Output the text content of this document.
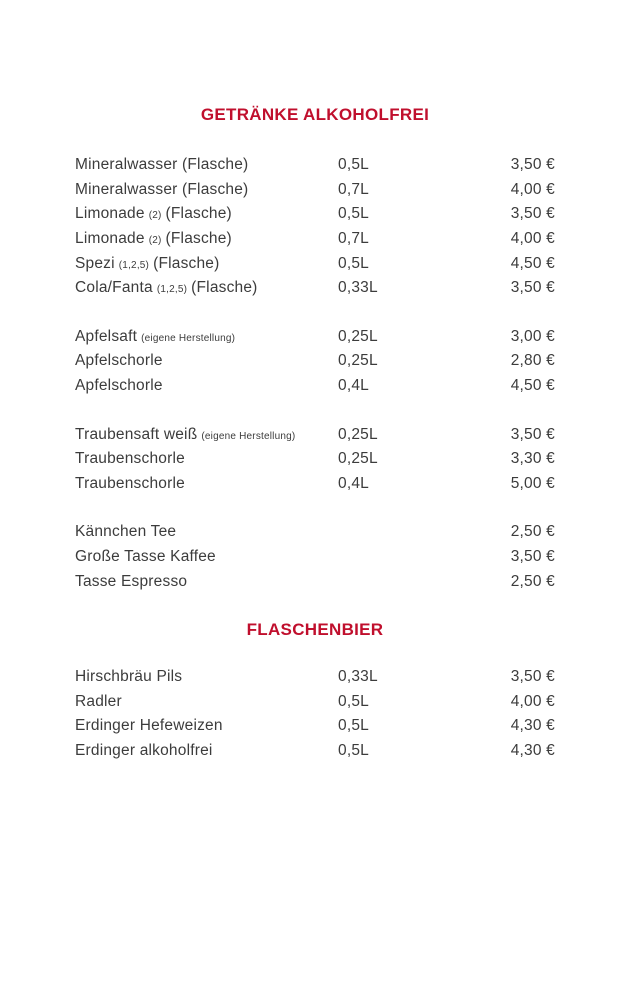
GETRÄNKE ALKOHOLFREI
Mineralwasser (Flasche)	0,5L	3,50 €
Mineralwasser (Flasche)	0,7L	4,00 €
Limonade (2) (Flasche)	0,5L	3,50 €
Limonade (2) (Flasche)	0,7L	4,00 €
Spezi (1,2,5) (Flasche)	0,5L	4,50 €
Cola/Fanta (1,2,5) (Flasche)	0,33L	3,50 €
Apfelsaft (eigene Herstellung)	0,25L	3,00 €
Apfelschorle	0,25L	2,80 €
Apfelschorle	0,4L	4,50 €
Traubensaft weiß (eigene Herstellung)	0,25L	3,50 €
Traubenschorle	0,25L	3,30 €
Traubenschorle	0,4L	5,00 €
Kännchen Tee	2,50 €
Große Tasse Kaffee	3,50 €
Tasse Espresso	2,50 €
FLASCHENBIER
Hirschbräu Pils	0,33L	3,50 €
Radler	0,5L	4,00 €
Erdinger Hefeweizen	0,5L	4,30 €
Erdinger alkoholfrei	0,5L	4,30 €
